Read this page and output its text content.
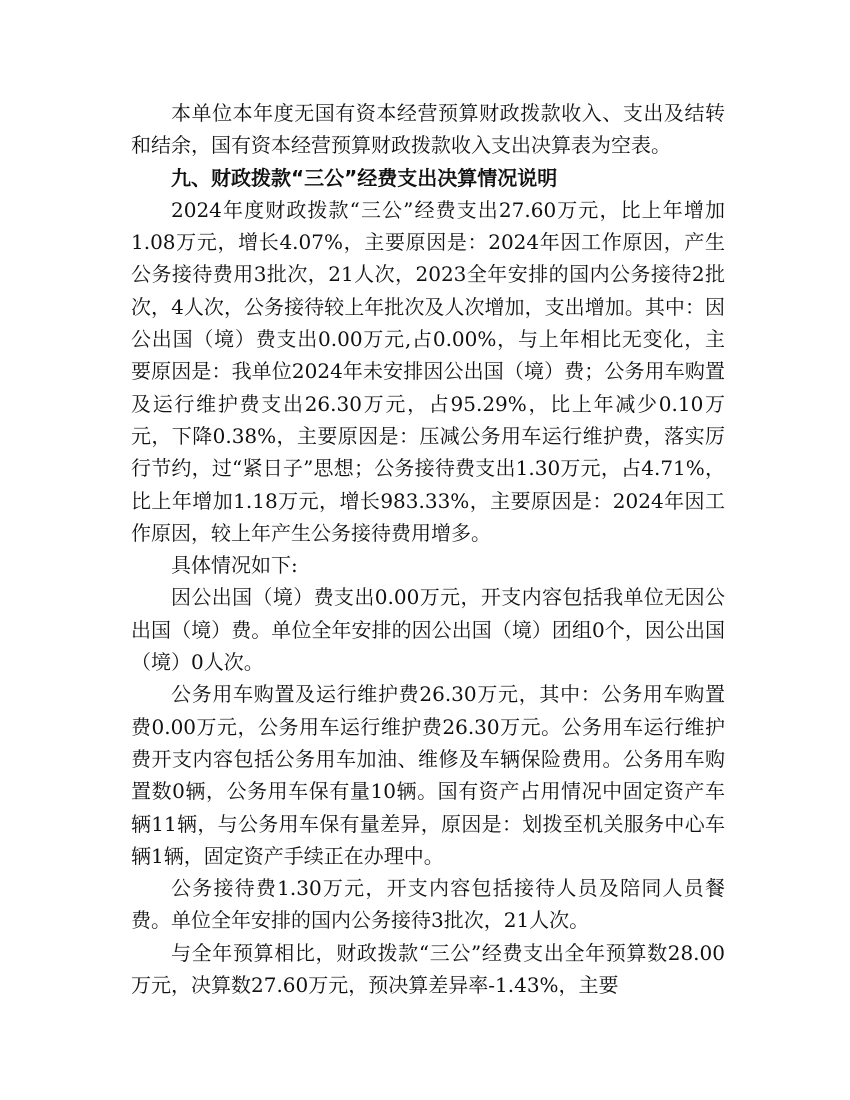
本单位本年度无国有资本经营预算财政拨款收入、支出及结转和结余，国有资本经营预算财政拨款收入支出决算表为空表。

九、财政拨款“三公”经费支出决算情况说明

2024年度财政拨款“三公”经费支出27.60万元，比上年增加1.08万元，增长4.07%，主要原因是：2024年因工作原因，产生公务接待费用3批次，21人次，2023全年安排的国内公务接待2批次，4人次，公务接待较上年批次及人次增加，支出增加。其中：因公出国（境）费支出0.00万元,占0.00%，与上年相比无变化，主要原因是：我单位2024年未安排因公出国（境）费；公务用车购置及运行维护费支出26.30万元，占95.29%，比上年减少0.10万元，下降0.38%，主要原因是：压减公务用车运行维护费，落实厉行节约，过“紧日子”思想；公务接待费支出1.30万元，占4.71%，比上年增加1.18万元，增长983.33%，主要原因是：2024年因工作原因，较上年产生公务接待费用增多。

具体情况如下:

因公出国（境）费支出0.00万元，开支内容包括我单位无因公出国（境）费。单位全年安排的因公出国（境）团组0个，因公出国（境）0人次。

公务用车购置及运行维护费26.30万元，其中：公务用车购置费0.00万元，公务用车运行维护费26.30万元。公务用车运行维护费开支内容包括公务用车加油、维修及车辆保险费用。公务用车购置数0辆，公务用车保有量10辆。国有资产占用情况中固定资产车辆11辆，与公务用车保有量差异，原因是：划拨至机关服务中心车辆1辆，固定资产手续正在办理中。

公务接待费1.30万元，开支内容包括接待人员及陪同人员餐费。单位全年安排的国内公务接待3批次，21人次。

与全年预算相比，财政拨款“三公”经费支出全年预算数28.00万元，决算数27.60万元，预决算差异率-1.43%，主要
